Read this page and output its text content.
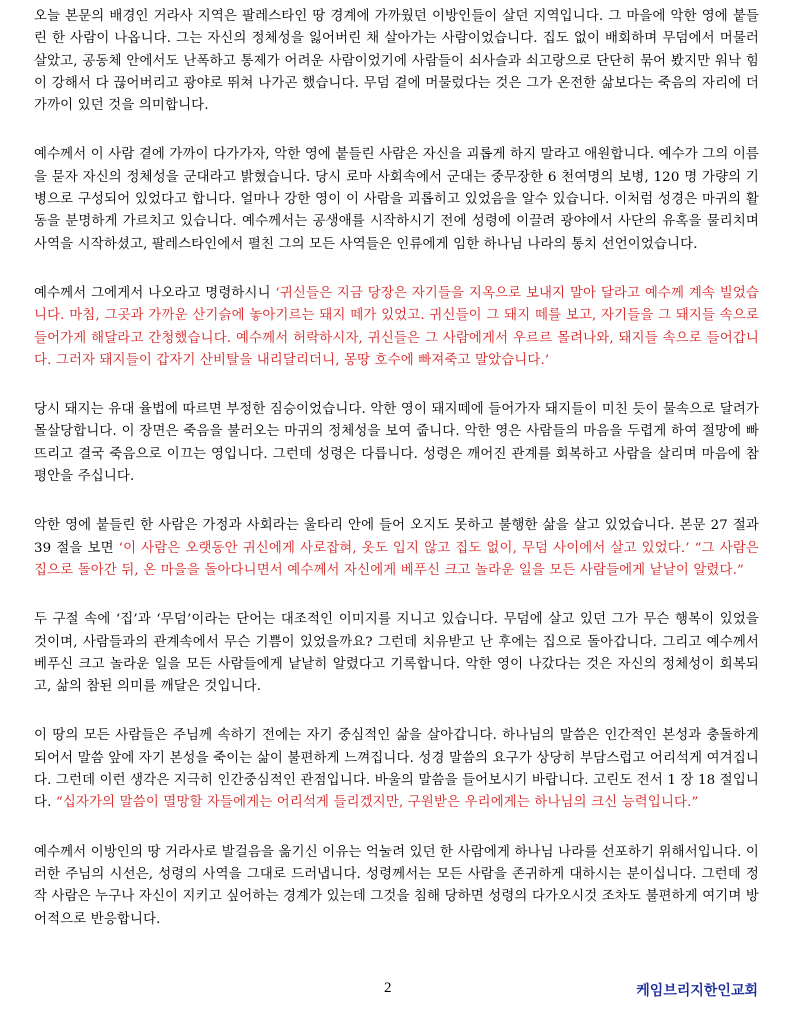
오늘 본문의 배경인 거라사 지역은 팔레스타인 땅 경계에 가까웠던 이방인들이 살던 지역입니다. 그 마을에 악한 영에 붙들린 한 사람이 나옵니다. 그는 자신의 정체성을 잃어버린 채 살아가는 사람이었습니다. 집도 없이 배회하며 무덤에서 머물러 살았고, 공동체 안에서도 난폭하고 통제가 어려운 사람이었기에 사람들이 쇠사슬과 쇠고랑으로 단단히 묶어 봤지만 워낙 힘이 강해서 다 끊어버리고 광야로 뛰쳐 나가곤 했습니다. 무덤 곁에 머물렀다는 것은 그가 온전한 삶보다는 죽음의 자리에 더 가까이 있던 것을 의미합니다.

예수께서 이 사람 곁에 가까이 다가가자, 악한 영에 붙들린 사람은 자신을 괴롭게 하지 말라고 애원합니다. 예수가 그의 이름을 묻자 자신의 정체성을 군대라고 밝혔습니다. 당시 로마 사회속에서 군대는 중무장한 6 천여명의 보병, 120 명 가량의 기병으로 구성되어 있었다고 합니다. 얼마나 강한 영이 이 사람을 괴롭히고 있었음을 알수 있습니다. 이처럼 성경은 마귀의 활동을 분명하게 가르치고 있습니다. 예수께서는 공생애를 시작하시기 전에 성령에 이끌려 광야에서 사단의 유혹을 물리치며 사역을 시작하셨고, 팔레스타인에서 펼친 그의 모든 사역들은 인류에게 임한 하나님 나라의 통치 선언이었습니다.

예수께서 그에게서 나오라고 명령하시니 ‘귀신들은 지금 당장은 자기들을 지옥으로 보내지 말아 달라고 예수께 계속 빌었습니다. 마침, 그곳과 가까운 산기슭에 놓아기르는 돼지 떼가 있었고. 귀신들이 그 돼지 떼를 보고, 자기들을 그 돼지들 속으로 들어가게 해달라고 간청했습니다. 예수께서 허락하시자, 귀신들은 그 사람에게서 우르르 몰려나와, 돼지들 속으로 들어갑니다. 그러자 돼지들이 갑자기 산비탈을 내리달리더니, 몽땅 호수에 빠져죽고 말았습니다.’

당시 돼지는 유대 율법에 따르면 부정한 짐승이었습니다. 악한 영이 돼지떼에 들어가자 돼지들이 미친 듯이 물속으로 달려가 몰살당합니다. 이 장면은 죽음을 불러오는 마귀의 정체성을 보여 줍니다. 악한 영은 사람들의 마음을 두렵게 하여 절망에 빠뜨리고 결국 죽음으로 이끄는 영입니다. 그런데 성령은 다릅니다. 성령은 깨어진 관계를 회복하고 사람을 살리며 마음에 참 평안을 주십니다.

악한 영에 붙들린 한 사람은 가정과 사회라는 울타리 안에 들어 오지도 못하고 불행한 삶을 살고 있었습니다. 본문 27 절과 39 절을 보면 ‘이 사람은 오랫동안 귀신에게 사로잡혀, 옷도 입지 않고 집도 없이, 무덤 사이에서 살고 있었다.’ “그 사람은 집으로 돌아간 뒤, 온 마을을 돌아다니면서 예수께서 자신에게 베푸신 크고 놀라운 일을 모든 사람들에게 낱낱이 알렸다.”

두 구절 속에 ‘집’과 ‘무덤’이라는 단어는 대조적인 이미지를 지니고 있습니다. 무덤에 살고 있던 그가 무슨 행복이 있었을 것이며, 사람들과의 관계속에서 무슨 기쁨이 있었을까요? 그런데 치유받고 난 후에는 집으로 돌아갑니다. 그리고 예수께서 베푸신 크고 놀라운 일을 모든 사람들에게 낱낱히 알렸다고 기록합니다. 악한 영이 나갔다는 것은 자신의 정체성이 회복되고, 삶의 참된 의미를 깨달은 것입니다.

이 땅의 모든 사람들은 주님께 속하기 전에는 자기 중심적인 삶을 살아갑니다. 하나님의 말씀은 인간적인 본성과 충돌하게 되어서 말씀 앞에 자기 본성을 죽이는 삶이 불편하게 느껴집니다. 성경 말씀의 요구가 상당히 부담스럽고 어리석게 여겨집니다. 그런데 이런 생각은 지극히 인간중심적인 관점입니다. 바울의 말씀을 들어보시기 바랍니다. 고린도 전서 1 장 18 절입니다. “십자가의 말씀이 멸망할 자들에게는 어리석게 들리겠지만, 구원받은 우리에게는 하나님의 크신 능력입니다.”

예수께서 이방인의 땅 거라사로 발걸음을 옮기신 이유는 억눌려 있던 한 사람에게 하나님 나라를 선포하기 위해서입니다. 이러한 주님의 시선은, 성령의 사역을 그대로 드러냅니다. 성령께서는 모든 사람을 존귀하게 대하시는 분이십니다. 그런데 정작 사람은 누구나 자신이 지키고 싶어하는 경계가 있는데 그것을 침해 당하면 성령의 다가오시것 조차도 불편하게 여기며 방어적으로 반응합니다.

2	케임브리지한인교회
